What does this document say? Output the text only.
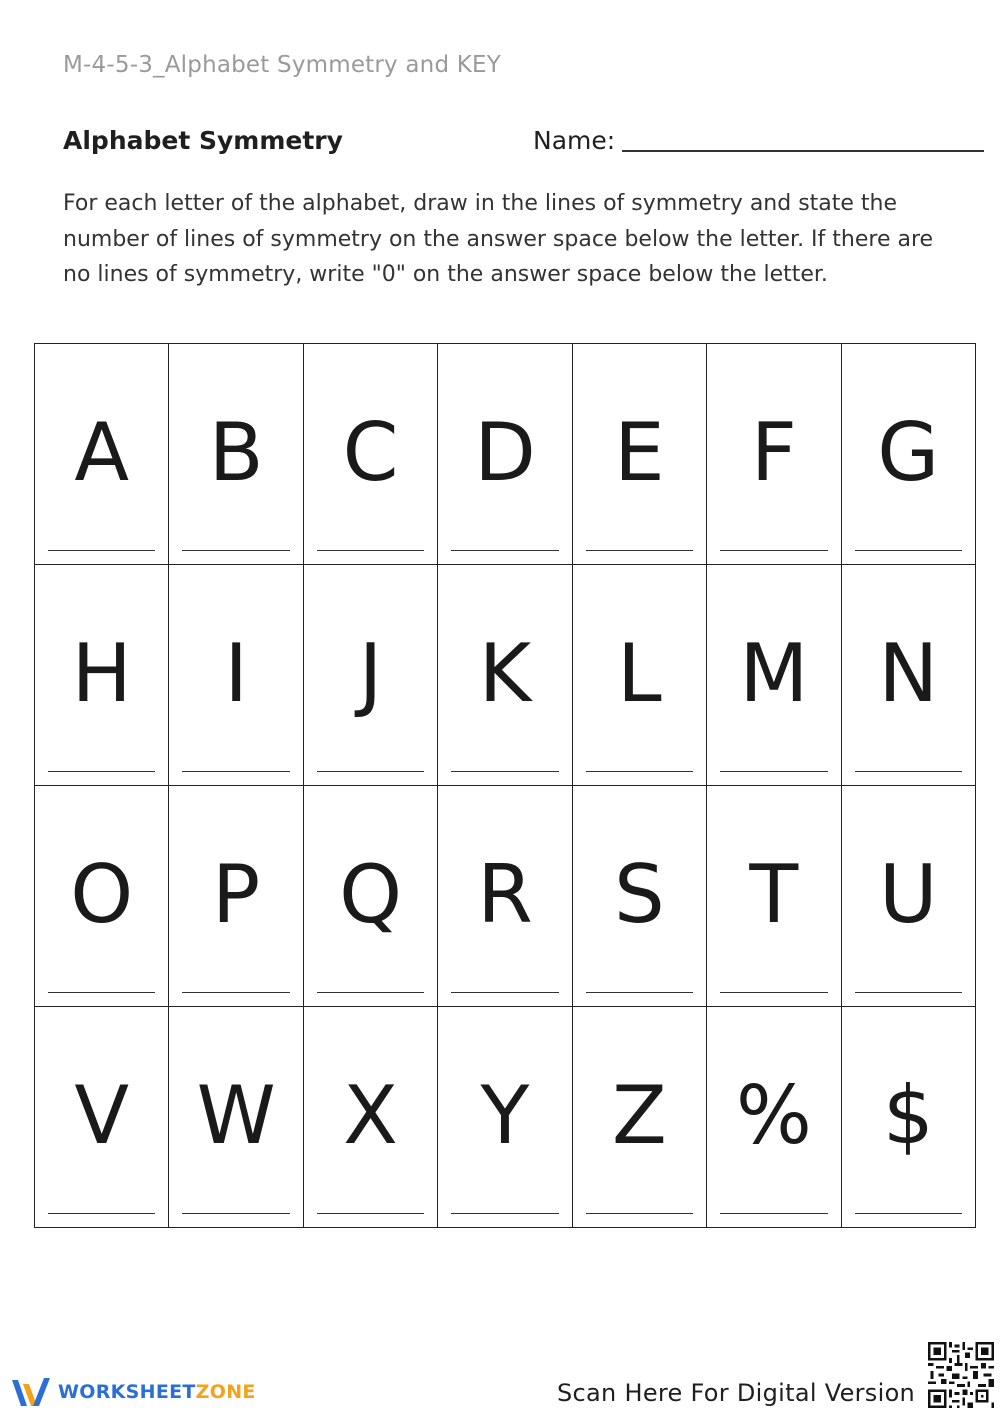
M-4-5-3_Alphabet Symmetry and KEY
Alphabet Symmetry	Name:
For each letter of the alphabet, draw in the lines of symmetry and state the number of lines of symmetry on the answer space below the letter. If there are no lines of symmetry, write "0" on the answer space below the letter.
A B C D E	F	G
H	I	J	K	L M N
O P Q R	S	T	U
V W X	Y	Z % $
WORKSHEETZONE	Scan Here For Digital Version
